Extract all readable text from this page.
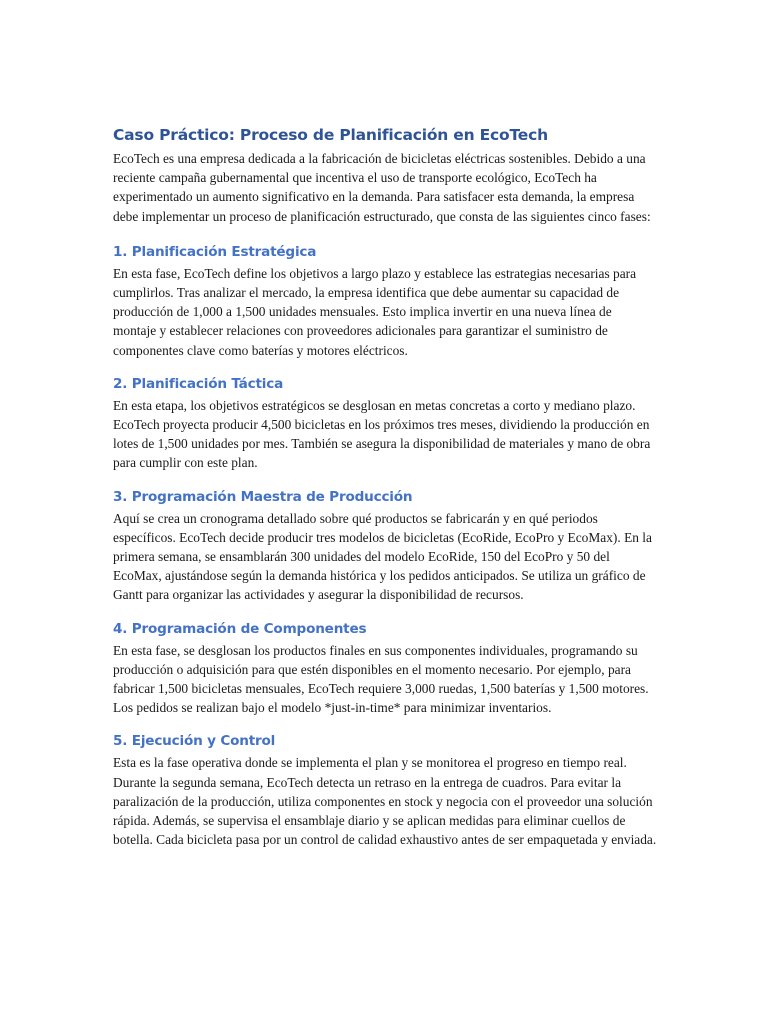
Caso Práctico: Proceso de Planificación en EcoTech

EcoTech es una empresa dedicada a la fabricación de bicicletas eléctricas sostenibles. Debido a una reciente campaña gubernamental que incentiva el uso de transporte ecológico, EcoTech ha experimentado un aumento significativo en la demanda. Para satisfacer esta demanda, la empresa debe implementar un proceso de planificación estructurado, que consta de las siguientes cinco fases:

1. Planificación Estratégica

En esta fase, EcoTech define los objetivos a largo plazo y establece las estrategias necesarias para cumplirlos. Tras analizar el mercado, la empresa identifica que debe aumentar su capacidad de producción de 1,000 a 1,500 unidades mensuales. Esto implica invertir en una nueva línea de montaje y establecer relaciones con proveedores adicionales para garantizar el suministro de componentes clave como baterías y motores eléctricos.

2. Planificación Táctica

En esta etapa, los objetivos estratégicos se desglosan en metas concretas a corto y mediano plazo. EcoTech proyecta producir 4,500 bicicletas en los próximos tres meses, dividiendo la producción en lotes de 1,500 unidades por mes. También se asegura la disponibilidad de materiales y mano de obra para cumplir con este plan.

3. Programación Maestra de Producción

Aquí se crea un cronograma detallado sobre qué productos se fabricarán y en qué periodos específicos. EcoTech decide producir tres modelos de bicicletas (EcoRide, EcoPro y EcoMax). En la primera semana, se ensamblarán 300 unidades del modelo EcoRide, 150 del EcoPro y 50 del EcoMax, ajustándose según la demanda histórica y los pedidos anticipados. Se utiliza un gráfico de Gantt para organizar las actividades y asegurar la disponibilidad de recursos.

4. Programación de Componentes

En esta fase, se desglosan los productos finales en sus componentes individuales, programando su producción o adquisición para que estén disponibles en el momento necesario. Por ejemplo, para fabricar 1,500 bicicletas mensuales, EcoTech requiere 3,000 ruedas, 1,500 baterías y 1,500 motores. Los pedidos se realizan bajo el modelo *just-in-time* para minimizar inventarios.

5. Ejecución y Control

Esta es la fase operativa donde se implementa el plan y se monitorea el progreso en tiempo real. Durante la segunda semana, EcoTech detecta un retraso en la entrega de cuadros. Para evitar la paralización de la producción, utiliza componentes en stock y negocia con el proveedor una solución rápida. Además, se supervisa el ensamblaje diario y se aplican medidas para eliminar cuellos de botella. Cada bicicleta pasa por un control de calidad exhaustivo antes de ser empaquetada y enviada.
